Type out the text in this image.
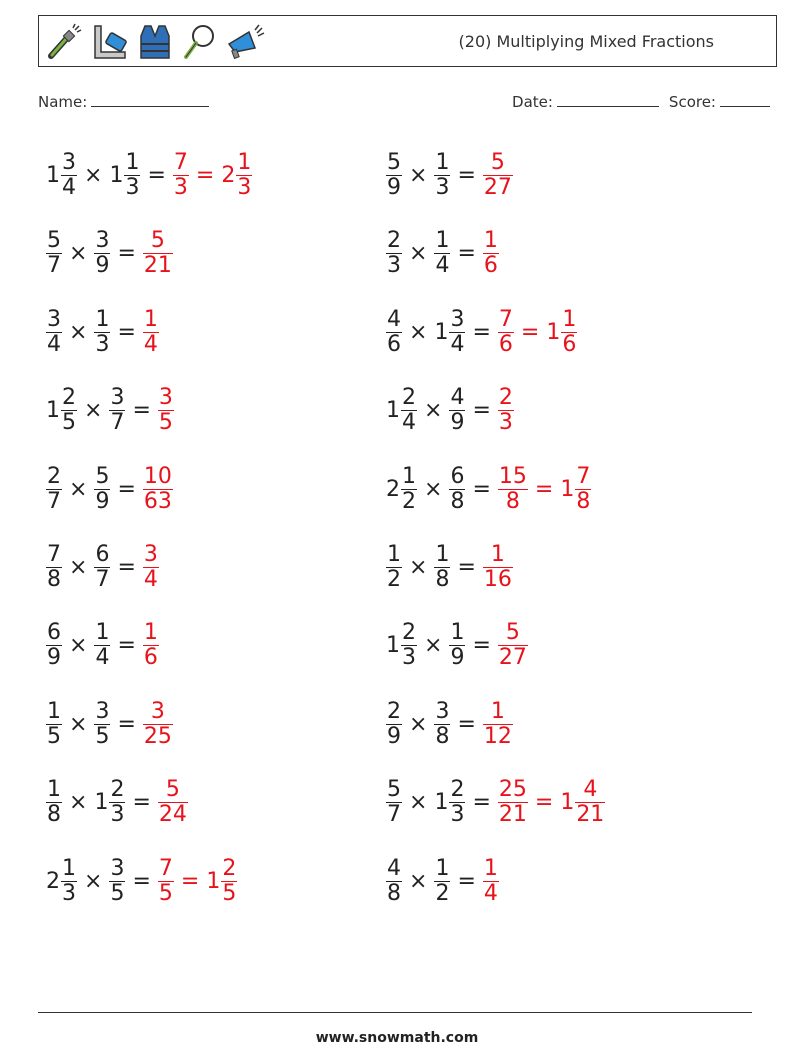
(20) Multiplying Mixed Fractions
Name:	Date:	Score:
$1 \frac{3}{4} \times 1 \frac{1}{3} = \frac{7}{3} = 2 \frac{1}{3}$	$\frac{5}{9} \times \frac{1}{3} = \frac{5}{27}$
$\frac{5}{7} \times \frac{3}{9} = \frac{5}{21}$	$\frac{2}{3} \times \frac{1}{4} = \frac{1}{6}$
$\frac{3}{4} \times \frac{1}{3} = \frac{1}{4}$	$\frac{4}{6} \times 1 \frac{3}{4} = \frac{7}{6} = 1 \frac{1}{6}$
$1 \frac{2}{5} \times \frac{3}{7} = \frac{3}{5}$	$1 \frac{2}{4} \times \frac{4}{9} = \frac{2}{3}$
$\frac{2}{7} \times \frac{5}{9} = \frac{10}{63}$	$2 \frac{1}{2} \times \frac{6}{8} = \frac{15}{8} = 1 \frac{7}{8}$
$\frac{7}{8} \times \frac{6}{7} = \frac{3}{4}$	$\frac{1}{2} \times \frac{1}{8} = \frac{1}{16}$
$\frac{6}{9} \times \frac{1}{4} = \frac{1}{6}$	$1 \frac{2}{3} \times \frac{1}{9} = \frac{5}{27}$
$\frac{1}{5} \times \frac{3}{5} = \frac{3}{25}$	$\frac{2}{9} \times \frac{3}{8} = \frac{1}{12}$
$\frac{1}{8} \times 1 \frac{2}{3} = \frac{5}{24}$	$\frac{5}{7} \times 1 \frac{2}{3} = \frac{25}{21} = 1 \frac{4}{21}$
$2 \frac{1}{3} \times \frac{3}{5} = \frac{7}{5} = 1 \frac{2}{5}$	$\frac{4}{8} \times \frac{1}{2} = \frac{1}{4}$
www.snowmath.com
